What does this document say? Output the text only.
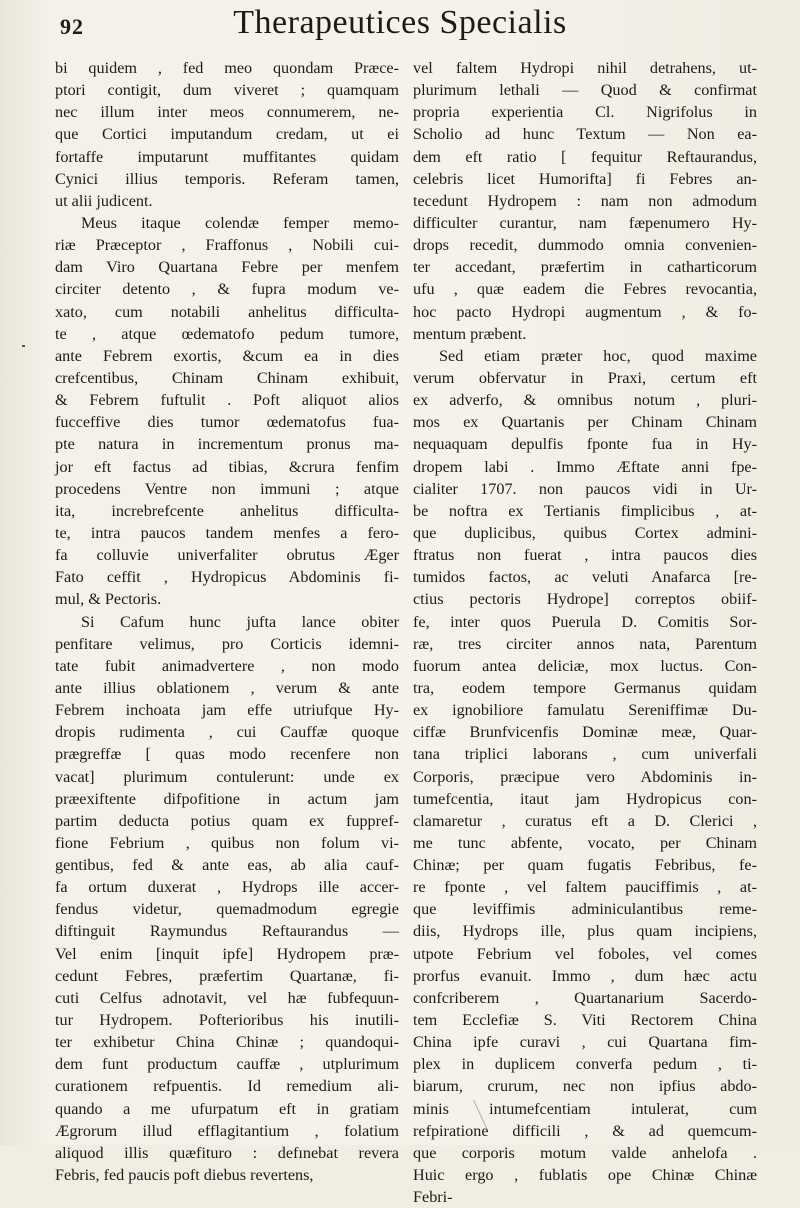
92	Therapeutices Specialis
bi quidem , fed meo quondam Præce-
ptori contigit, dum viveret ; quamquam
nec illum inter meos connumerem, ne-
que Cortici imputandum credam, ut ei
fortaffe imputarunt muffitantes quidam
Cynici illius temporis. Referam tamen,
ut alii judicent.
Meus itaque colendæ femper memo-
riæ Præceptor , Fraffonus , Nobili cui-
dam Viro Quartana Febre per menfem
circiter detento , & fupra modum ve-
xato, cum notabili anhelitus difficulta-
te , atque œdematofo pedum tumore,
ante Febrem exortis, &cum ea in dies
crefcentibus, Chinam Chinam exhibuit,
& Febrem fuftulit . Poft aliquot alios
fucceffive dies tumor œdematofus fua-
pte natura in incrementum pronus ma-
jor eft factus ad tibias, &crura fenfim
procedens Ventre non immuni ; atque
ita, increbrefcente anhelitus difficulta-
te, intra paucos tandem menfes a fero-
fa colluvie univerfaliter obrutus Æger
Fato ceffit , Hydropicus Abdominis fi-
mul, & Pectoris.
Si Cafum hunc jufta lance obiter
penfitare velimus, pro Corticis idemni-
tate fubit animadvertere , non modo
ante illius oblationem , verum & ante
Febrem inchoata jam effe utriufque Hy-
dropis rudimenta , cui Cauffæ quoque
prægreffæ [ quas modo recenfere non
vacat] plurimum contulerunt: unde ex
præexiftente difpofitione in actum jam
partim deducta potius quam ex fuppref-
fione Febrium , quibus non folum vi-
gentibus, fed & ante eas, ab alia cauf-
fa ortum duxerat , Hydrops ille accer-
fendus videtur, quemadmodum egregie
diftinguit Raymundus Reftaurandus —
Vel enim [inquit ipfe] Hydropem præ-
cedunt Febres, præfertim Quartanæ, fi-
cuti Celfus adnotavit, vel hæ fubfequun-
tur Hydropem. Pofterioribus his inutili-
ter exhibetur China Chinæ ; quandoqui-
dem funt productum cauffæ , utplurimum
curationem refpuentis. Id remedium ali-
quando a me ufurpatum eft in gratiam
Ægrorum illud efflagitantium , folatium
aliquod illis quæfituro : defınebat revera
Febris, fed paucis poft diebus revertens,
vel faltem Hydropi nihil detrahens, ut-
plurimum lethali — Quod & confirmat
propria experientia Cl. Nigrifolus in
Scholio ad hunc Textum — Non ea-
dem eft ratio [ fequitur Reftaurandus,
celebris licet Humorifta] fi Febres an-
tecedunt Hydropem : nam non admodum
difficulter curantur, nam fæpenumero Hy-
drops recedit, dummodo omnia convenien-
ter accedant, præfertim in catharticorum
ufu , quæ eadem die Febres revocantia,
hoc pacto Hydropi augmentum , & fo-
mentum præbent.
Sed etiam præter hoc, quod maxime
verum obfervatur in Praxi, certum eft
ex adverfo, & omnibus notum , pluri-
mos ex Quartanis per Chinam Chinam
nequaquam depulfis fponte fua in Hy-
dropem labi . Immo Æftate anni fpe-
cialiter 1707. non paucos vidi in Ur-
be noftra ex Tertianis fimplicibus , at-
que duplicibus, quibus Cortex admini-
ftratus non fuerat , intra paucos dies
tumidos factos, ac veluti Anafarca [re-
ctius pectoris Hydrope] correptos obiif-
fe, inter quos Puerula D. Comitis Sor-
ræ, tres circiter annos nata, Parentum
fuorum antea deliciæ, mox luctus. Con-
tra, eodem tempore Germanus quidam
ex ignobiliore famulatu Sereniffimæ Du-
ciffæ Brunfvicenfis Dominæ meæ, Quar-
tana triplici laborans , cum univerfali
Corporis, præcipue vero Abdominis in-
tumefcentia, itaut jam Hydropicus con-
clamaretur , curatus eft a D. Clerici ,
me tunc abfente, vocato, per Chinam
Chinæ; per quam fugatis Febribus, fe-
re fponte , vel faltem pauciffimis , at-
que leviffimis adminiculantibus reme-
diis, Hydrops ille, plus quam incipiens,
utpote Febrium vel foboles, vel comes
prorfus evanuit. Immo , dum hæc actu
confcriberem , Quartanarium Sacerdo-
tem Ecclefiæ S. Viti Rectorem China
China ipfe curavi , cui Quartana fim-
plex in duplicem converfa pedum , ti-
biarum, crurum, nec non ipfius abdo-
minis intumefcentiam intulerat, cum
refpiratione difficili , & ad quemcum-
que corporis motum valde anhelofa .
Huic ergo , fublatis ope Chinæ Chinæ
Febri-
